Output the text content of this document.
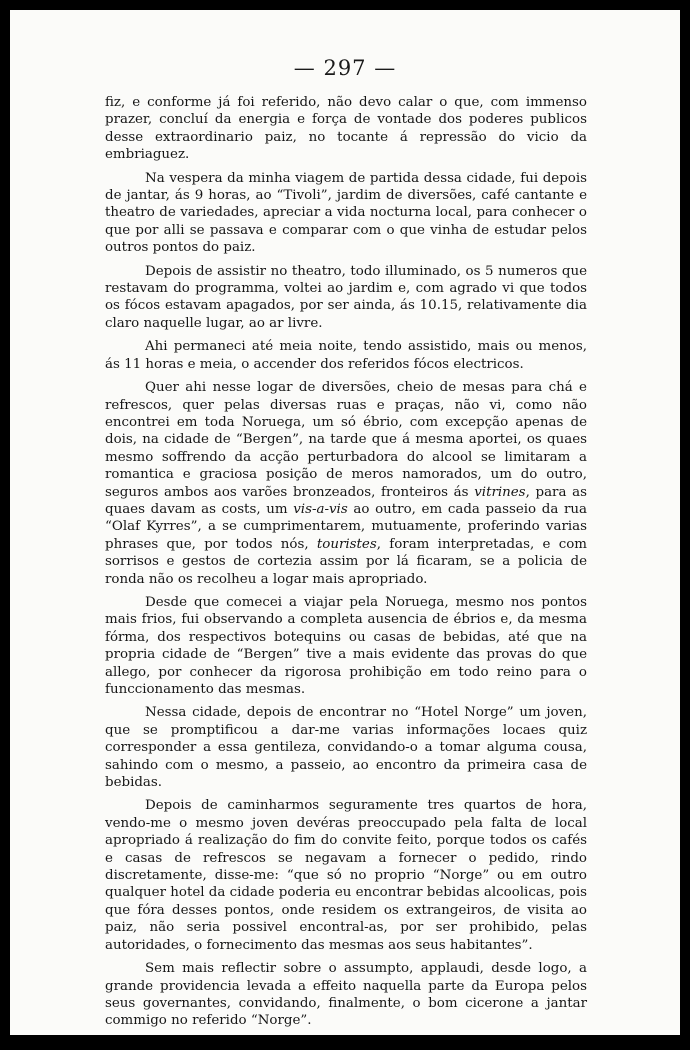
— 297 —

fiz, e conforme já foi referido, não devo calar o que, com immenso prazer, concluí da energia e força de vontade dos poderes publicos desse extraordinario paiz, no tocante á repressão do vicio da embriaguez.

Na vespera da minha viagem de partida dessa cidade, fui depois de jantar, ás 9 horas, ao “Tivoli”, jardim de diversões, café cantante e theatro de variedades, apreciar a vida nocturna local, para conhecer o que por alli se passava e comparar com o que vinha de estudar pelos outros pontos do paiz.

Depois de assistir no theatro, todo illuminado, os 5 numeros que restavam do programma, voltei ao jardim e, com agrado vi que todos os fócos estavam apagados, por ser ainda, ás 10.15, relativamente dia claro naquelle lugar, ao ar livre.

Ahi permaneci até meia noite, tendo assistido, mais ou menos, ás 11 horas e meia, o accender dos referidos fócos electricos.

Quer ahi nesse logar de diversões, cheio de mesas para chá e refrescos, quer pelas diversas ruas e praças, não vi, como não encontrei em toda Noruega, um só ébrio, com excepção apenas de dois, na cidade de “Bergen”, na tarde que á mesma aportei, os quaes mesmo soffrendo da acção perturbadora do alcool se limitaram a romantica e graciosa posição de meros namorados, um do outro, seguros ambos aos varões bronzeados, fronteiros ás vitrines, para as quaes davam as costs, um vis-a-vis ao outro, em cada passeio da rua “Olaf Kyrres”, a se cumprimentarem, mutuamente, proferindo varias phrases que, por todos nós, touristes, foram interpretadas, e com sorrisos e gestos de cortezia assim por lá ficaram, se a policia de ronda não os recolheu a logar mais apropriado.

Desde que comecei a viajar pela Noruega, mesmo nos pontos mais frios, fui observando a completa ausencia de ébrios e, da mesma fórma, dos respectivos botequins ou casas de bebidas, até que na propria cidade de “Bergen” tive a mais evidente das provas do que allego, por conhecer da rigorosa prohibição em todo reino para o funccionamento das mesmas.

Nessa cidade, depois de encontrar no “Hotel Norge” um joven, que se promptificou a dar-me varias informações locaes quiz corresponder a essa gentileza, convidando-o a tomar alguma cousa, sahindo com o mesmo, a passeio, ao encontro da primeira casa de bebidas.

Depois de caminharmos seguramente tres quartos de hora, vendo-me o mesmo joven devéras preoccupado pela falta de local apropriado á realização do fim do convite feito, porque todos os cafés e casas de refrescos se negavam a fornecer o pedido, rindo discretamente, disse-me: “que só no proprio “Norge” ou em outro qualquer hotel da cidade poderia eu encontrar bebidas alcoolicas, pois que fóra desses pontos, onde residem os extrangeiros, de visita ao paiz, não seria possivel encontral-as, por ser prohibido, pelas autoridades, o fornecimento das mesmas aos seus habitantes”.

Sem mais reflectir sobre o assumpto, applaudi, desde logo, a grande providencia levada a effeito naquella parte da Europa pelos seus governantes, convidando, finalmente, o bom cicerone a jantar commigo no referido “Norge”.
